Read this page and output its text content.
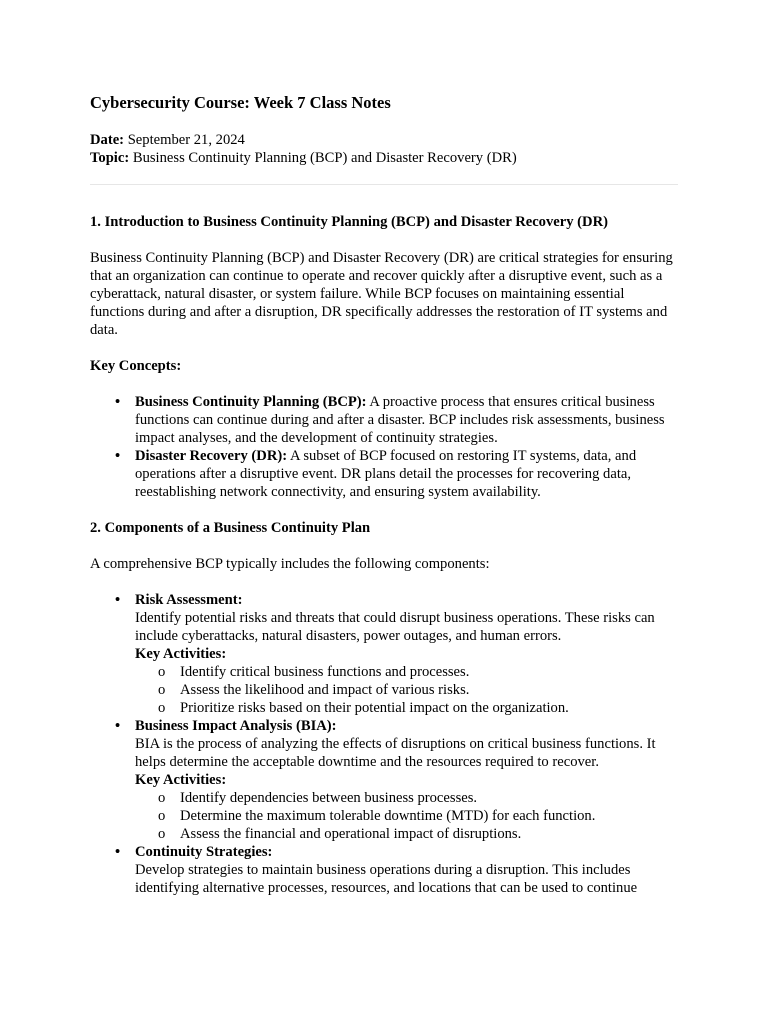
Cybersecurity Course: Week 7 Class Notes

Date: September 21, 2024

Topic: Business Continuity Planning (BCP) and Disaster Recovery (DR)

1. Introduction to Business Continuity Planning (BCP) and Disaster Recovery (DR)

Business Continuity Planning (BCP) and Disaster Recovery (DR) are critical strategies for ensuring that an organization can continue to operate and recover quickly after a disruptive event, such as a cyberattack, natural disaster, or system failure. While BCP focuses on maintaining essential functions during and after a disruption, DR specifically addresses the restoration of IT systems and data.

Key Concepts:

• Business Continuity Planning (BCP): A proactive process that ensures critical business functions can continue during and after a disaster. BCP includes risk assessments, business impact analyses, and the development of continuity strategies.
• Disaster Recovery (DR): A subset of BCP focused on restoring IT systems, data, and operations after a disruptive event. DR plans detail the processes for recovering data, reestablishing network connectivity, and ensuring system availability.
2. Components of a Business Continuity Plan

A comprehensive BCP typically includes the following components:

• Risk Assessment:
Identify potential risks and threats that could disrupt business operations. These risks can include cyberattacks, natural disasters, power outages, and human errors.
Key Activities:
o Identify critical business functions and processes.
o Assess the likelihood and impact of various risks.
o Prioritize risks based on their potential impact on the organization.
• Business Impact Analysis (BIA):
BIA is the process of analyzing the effects of disruptions on critical business functions. It helps determine the acceptable downtime and the resources required to recover.
Key Activities:
o Identify dependencies between business processes.
o Determine the maximum tolerable downtime (MTD) for each function.
o Assess the financial and operational impact of disruptions.
• Continuity Strategies:
Develop strategies to maintain business operations during a disruption. This includes identifying alternative processes, resources, and locations that can be used to continue
